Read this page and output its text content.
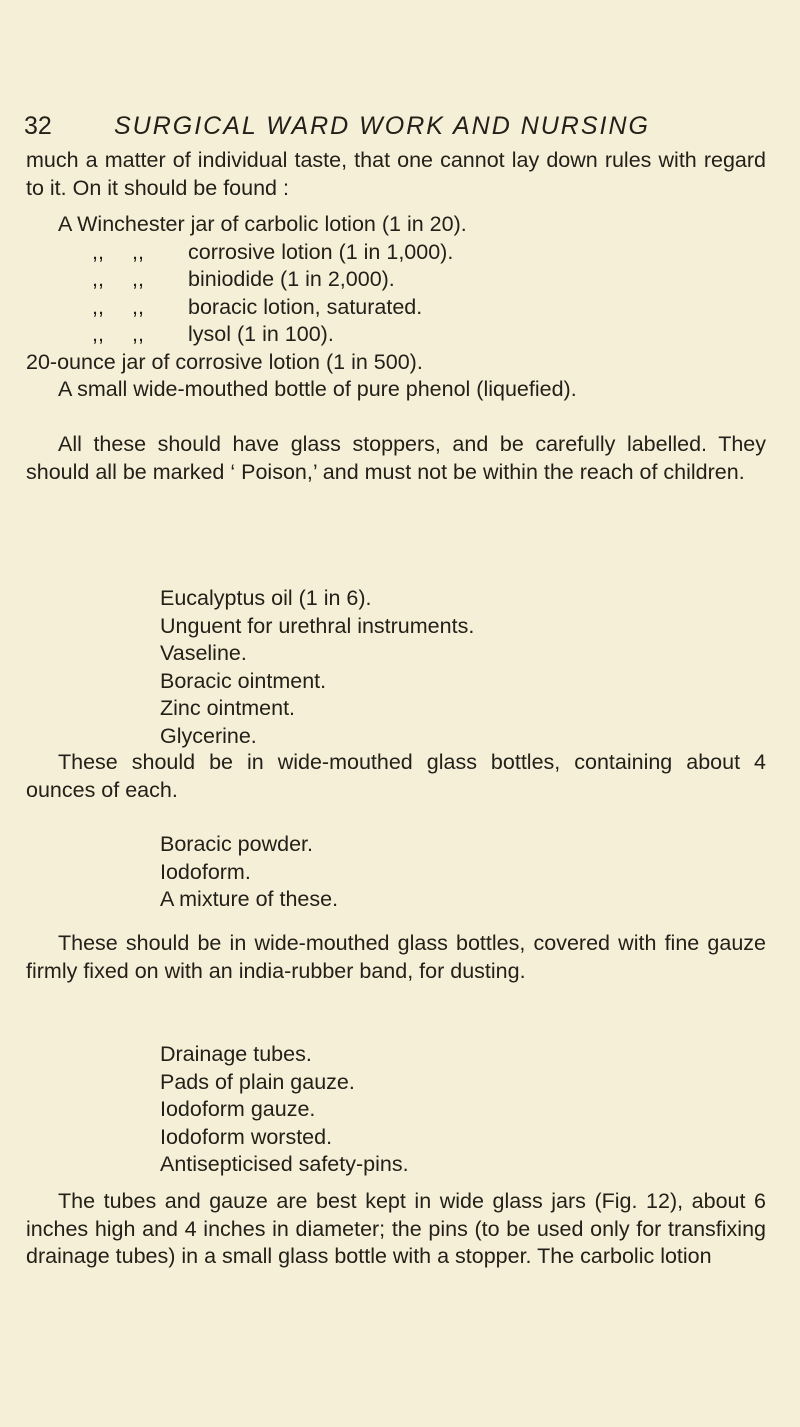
32 SURGICAL WARD WORK AND NURSING

much a matter of individual taste, that one cannot lay down rules with regard to it. On it should be found :

A Winchester jar of carbolic lotion (1 in 20).
,, ,, corrosive lotion (1 in 1,000).
,, ,, biniodide (1 in 2,000).
,, ,, boracic lotion, saturated.
,, ,, lysol (1 in 100).
20-ounce jar of corrosive lotion (1 in 500).
A small wide-mouthed bottle of pure phenol (liquefied).

All these should have glass stoppers, and be carefully labelled. They should all be marked ‘ Poison,’ and must not be within the reach of children.

Eucalyptus oil (1 in 6).
Unguent for urethral instruments.
Vaseline.
Boracic ointment.
Zinc ointment.
Glycerine.

These should be in wide-mouthed glass bottles, containing about 4 ounces of each.

Boracic powder.
Iodoform.
A mixture of these.

These should be in wide-mouthed glass bottles, covered with fine gauze firmly fixed on with an india-rubber band, for dusting.

Drainage tubes.
Pads of plain gauze.
Iodoform gauze.
Iodoform worsted.
Antisepticised safety-pins.

The tubes and gauze are best kept in wide glass jars (Fig. 12), about 6 inches high and 4 inches in diameter; the pins (to be used only for transfixing drainage tubes) in a small glass bottle with a stopper. The carbolic lotion
